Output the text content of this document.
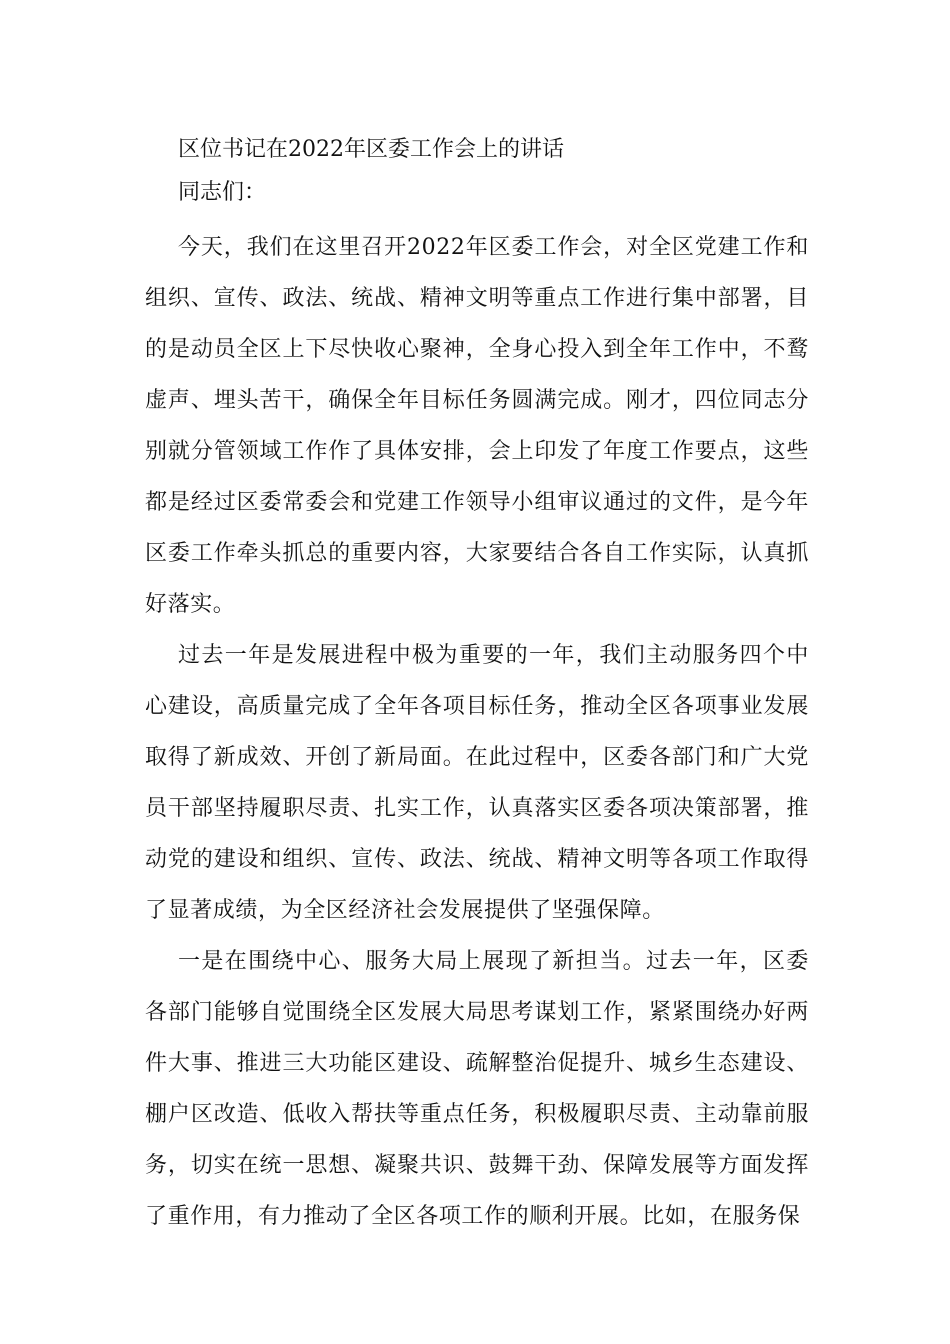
区位书记在2022年区委工作会上的讲话

同志们：

今天，我们在这里召开2022年区委工作会，对全区党建工作和组织、宣传、政法、统战、精神文明等重点工作进行集中部署，目的是动员全区上下尽快收心聚神，全身心投入到全年工作中，不鹜虚声、埋头苦干，确保全年目标任务圆满完成。刚才，四位同志分别就分管领域工作作了具体安排，会上印发了年度工作要点，这些都是经过区委常委会和党建工作领导小组审议通过的文件，是今年区委工作牵头抓总的重要内容，大家要结合各自工作实际，认真抓好落实。

过去一年是发展进程中极为重要的一年，我们主动服务四个中心建设，高质量完成了全年各项目标任务，推动全区各项事业发展取得了新成效、开创了新局面。在此过程中，区委各部门和广大党员干部坚持履职尽责、扎实工作，认真落实区委各项决策部署，推动党的建设和组织、宣传、政法、统战、精神文明等各项工作取得了显著成绩，为全区经济社会发展提供了坚强保障。

一是在围绕中心、服务大局上展现了新担当。过去一年，区委各部门能够自觉围绕全区发展大局思考谋划工作，紧紧围绕办好两件大事、推进三大功能区建设、疏解整治促提升、城乡生态建设、棚户区改造、低收入帮扶等重点任务，积极履职尽责、主动靠前服务，切实在统一思想、凝聚共识、鼓舞干劲、保障发展等方面发挥了重作用，有力推动了全区各项工作的顺利开展。比如，在服务保
